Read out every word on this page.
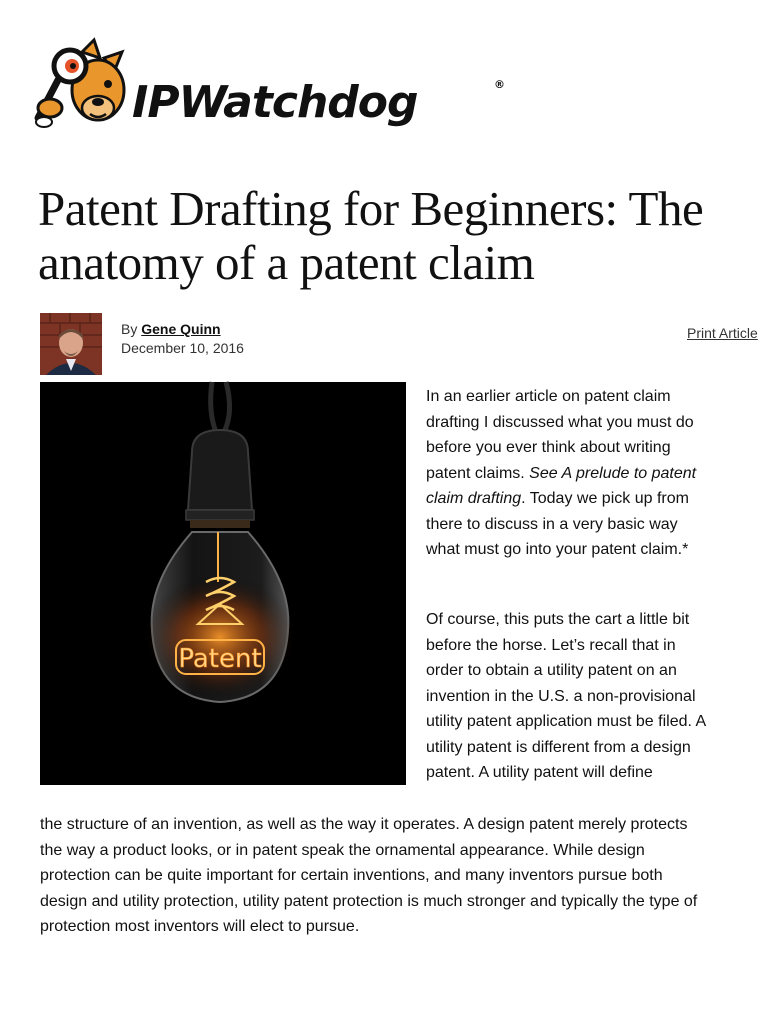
IPWatchdog	®
Patent Drafting for Beginners: The anatomy of a patent claim
By Gene Quinn
December 10, 2016
Print Article
Patent

In an earlier article on patent claim drafting I discussed what you must do before you ever think about writing patent claims. See A prelude to patent claim drafting. Today we pick up from there to discuss in a very basic way what must go into your patent claim.*

Of course, this puts the cart a little bit before the horse. Let’s recall that in order to obtain a utility patent on an invention in the U.S. a non-provisional utility patent application must be filed. A utility patent is different from a design patent. A utility patent will define

the structure of an invention, as well as the way it operates. A design patent merely protects the way a product looks, or in patent speak the ornamental appearance. While design protection can be quite important for certain inventions, and many inventors pursue both design and utility protection, utility patent protection is much stronger and typically the type of protection most inventors will elect to pursue.
